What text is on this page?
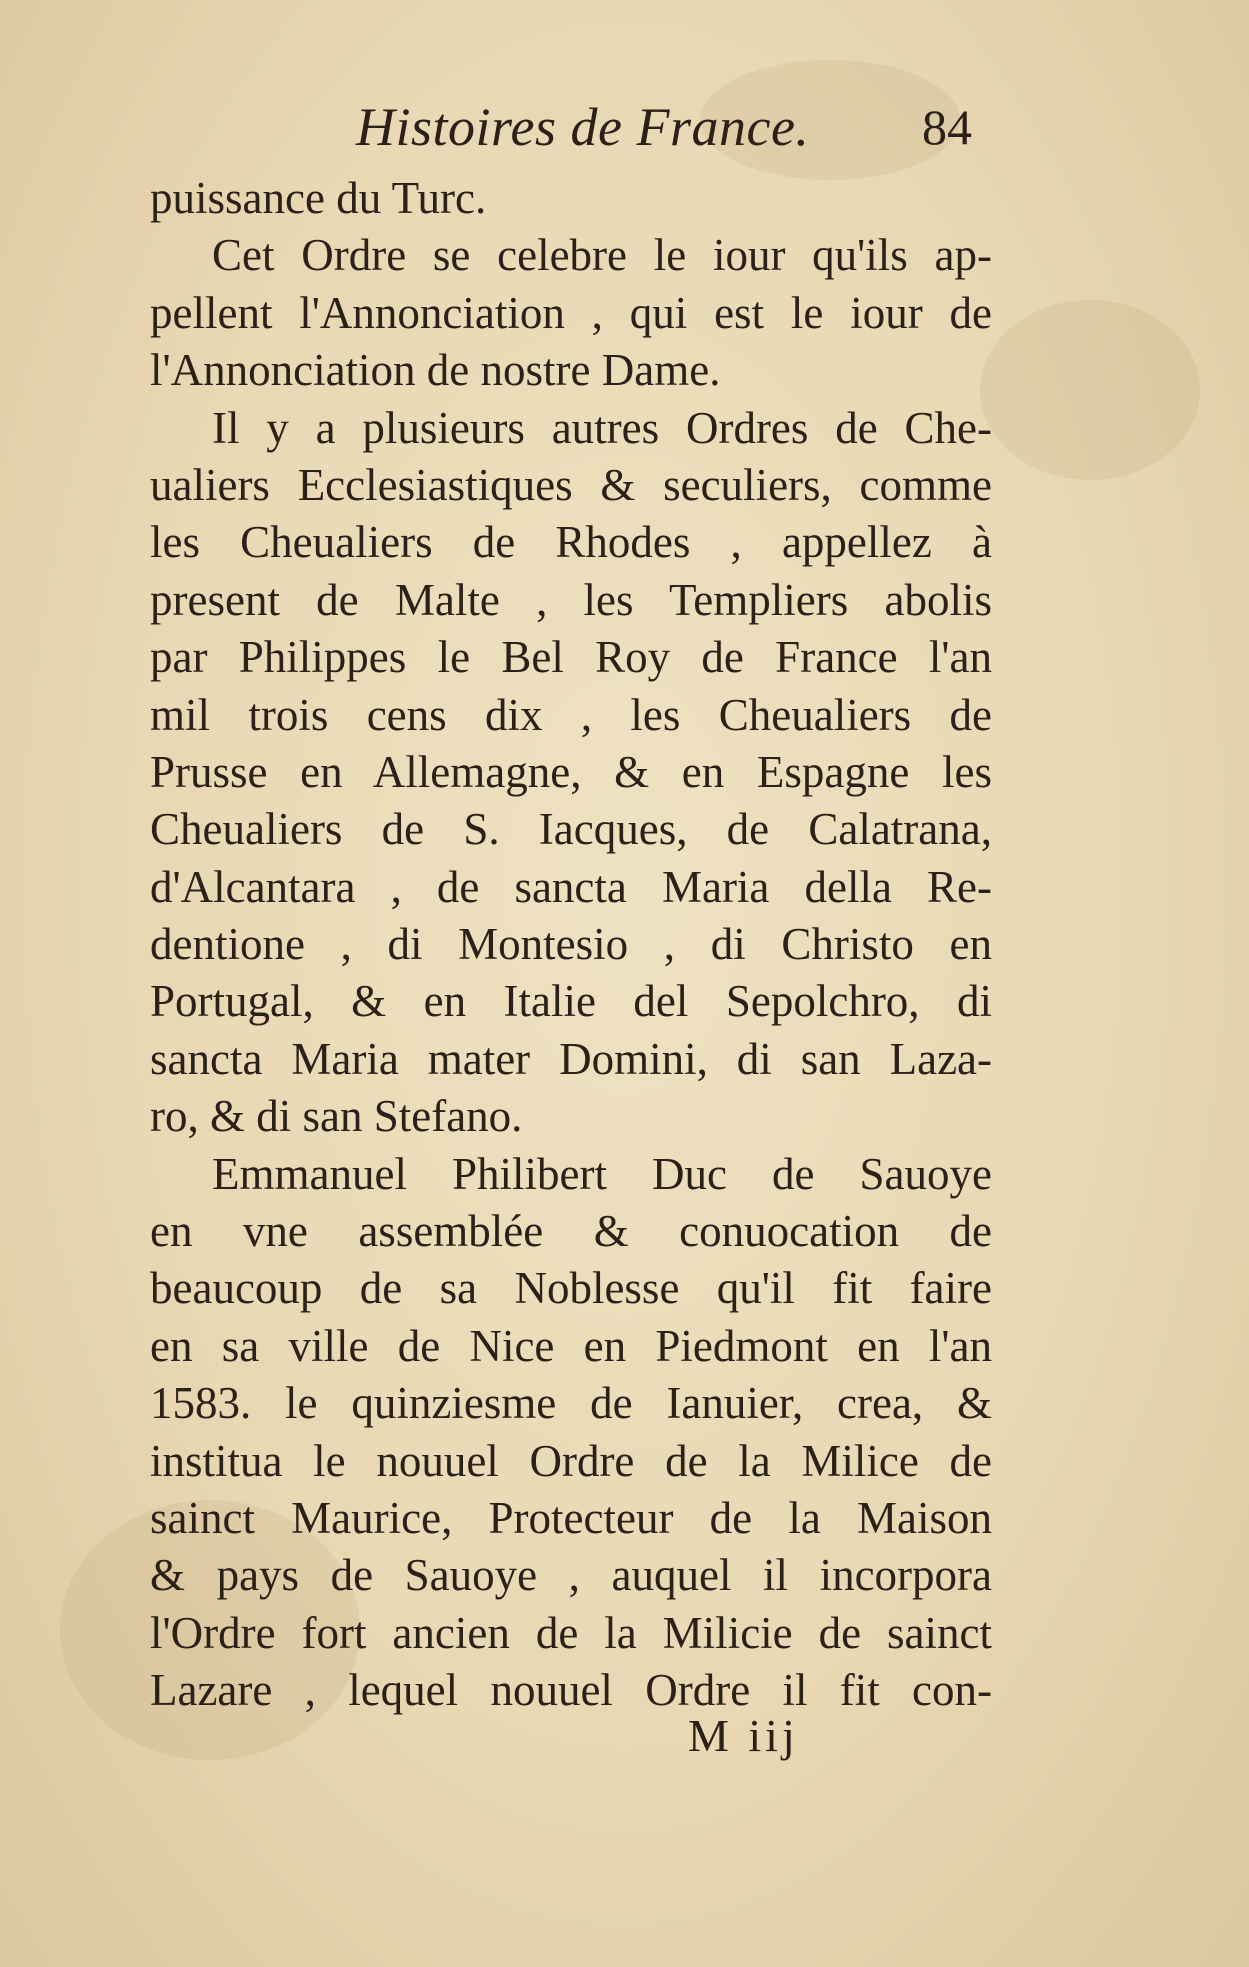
Histoires de France. 84
puissance du Turc.
Cet Ordre se celebre le iour qu'ils ap-
pellent l'Annonciation , qui est le iour de
l'Annonciation de nostre Dame.
Il y a plusieurs autres Ordres de Che-
ualiers Ecclesiastiques & seculiers, comme
les Cheualiers de Rhodes , appellez à
present de Malte , les Templiers abolis
par Philippes le Bel Roy de France l'an
mil trois cens dix , les Cheualiers de
Prusse en Allemagne, & en Espagne les
Cheualiers de S. Iacques, de Calatrana,
d'Alcantara , de sancta Maria della Re-
dentione , di Montesio , di Christo en
Portugal, & en Italie del Sepolchro, di
sancta Maria mater Domini, di san Laza-
ro, & di san Stefano.
Emmanuel Philibert Duc de Sauoye
en vne assemblée & conuocation de
beaucoup de sa Noblesse qu'il fit faire
en sa ville de Nice en Piedmont en l'an
1583. le quinziesme de Ianuier, crea, &
institua le nouuel Ordre de la Milice de
sainct Maurice, Protecteur de la Maison
& pays de Sauoye , auquel il incorpora
l'Ordre fort ancien de la Milicie de sainct
Lazare , lequel nouuel Ordre il fit con-
M iij
